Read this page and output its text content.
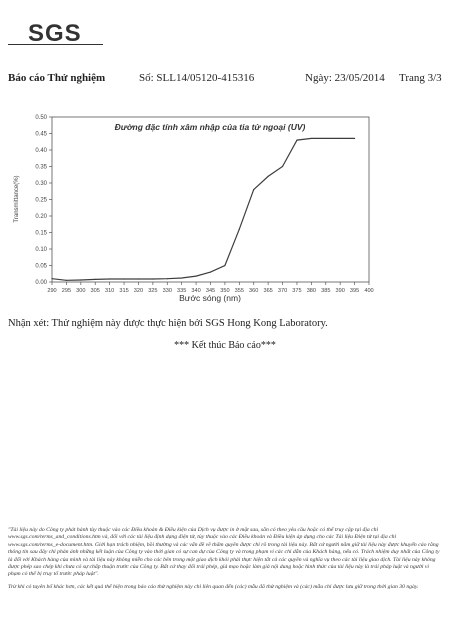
SGS
Báo cáo Thử nghiệm	Số: SLL14/05120-415316	Ngày: 23/05/2014 Trang 3/3
Đường đặc tính xâm nhập của tia tử ngoại (UV)
Transmittance(%)
Bước sóng (nm)
0.00
0.05
0.10
0.15
0.20
0.25
0.30
0.35
0.40
0.45
0.50
290 295 300 305 310 315 320 325 330 335 340 345 350 355 360 365 370 375 380 385 390 395 400
Nhận xét: Thử nghiệm này được thực hiện bởi SGS Hong Kong Laboratory.
*** Kết thúc Báo cáo***

"Tài liệu này do Công ty phát hành tùy thuộc vào các Điều khoản & Điều kiện của Dịch vụ được in ở mặt sau, sẵn có theo yêu cầu hoặc có thể truy cập tại địa chỉ www.sgs.com/terms_and_conditions.htm và, đối với các tài liệu định dạng điện tử, tùy thuộc vào các Điều khoản và Điều kiện áp dụng cho các Tài liệu Điện tử tại địa chỉ www.sgs.com/terms_e-document.htm. Giới hạn trách nhiệm, bồi thường và các vấn đề về thẩm quyền được chỉ rõ trong tài liệu này. Bất cứ người nắm giữ tài liệu này được khuyến cáo rằng thông tin sau đây chỉ phản ánh những kết luận của Công ty vào thời gian có sự can dự của Công ty và trong phạm vi các chỉ dẫn của Khách hàng, nếu có. Trách nhiệm duy nhất của Công ty là đối với Khách hàng của mình và tài liệu này không miễn cho các bên trong một giao dịch khỏi phải thực hiện tất cả các quyền và nghĩa vụ theo các tài liệu giao dịch. Tài liệu này không được phép sao chép khi chưa có sự chấp thuận trước của Công ty. Bất cứ thay đổi trái phép, giả mạo hoặc làm giả nội dung hoặc hình thức của tài liệu này là trái pháp luật và người vi phạm có thể bị truy tố trước pháp luật".

Trừ khi có tuyên bố khác hơn, các kết quả thể hiện trong báo cáo thử nghiệm này chỉ liên quan đến (các) mẫu đã thử nghiệm và (các) mẫu chỉ được lưu giữ trong thời gian 30 ngày.
